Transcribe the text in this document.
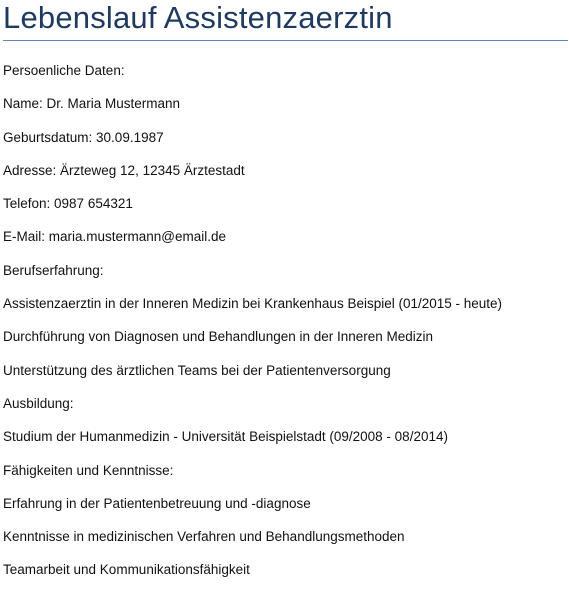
Lebenslauf Assistenzaerztin
Persoenliche Daten:
Name: Dr. Maria Mustermann
Geburtsdatum: 30.09.1987
Adresse: Ärzteweg 12, 12345 Ärztestadt
Telefon: 0987 654321
E-Mail: maria.mustermann@email.de
Berufserfahrung:
Assistenzaerztin in der Inneren Medizin bei Krankenhaus Beispiel (01/2015 - heute)
Durchführung von Diagnosen und Behandlungen in der Inneren Medizin
Unterstützung des ärztlichen Teams bei der Patientenversorgung
Ausbildung:
Studium der Humanmedizin - Universität Beispielstadt (09/2008 - 08/2014)
Fähigkeiten und Kenntnisse:
Erfahrung in der Patientenbetreuung und -diagnose
Kenntnisse in medizinischen Verfahren und Behandlungsmethoden
Teamarbeit und Kommunikationsfähigkeit
